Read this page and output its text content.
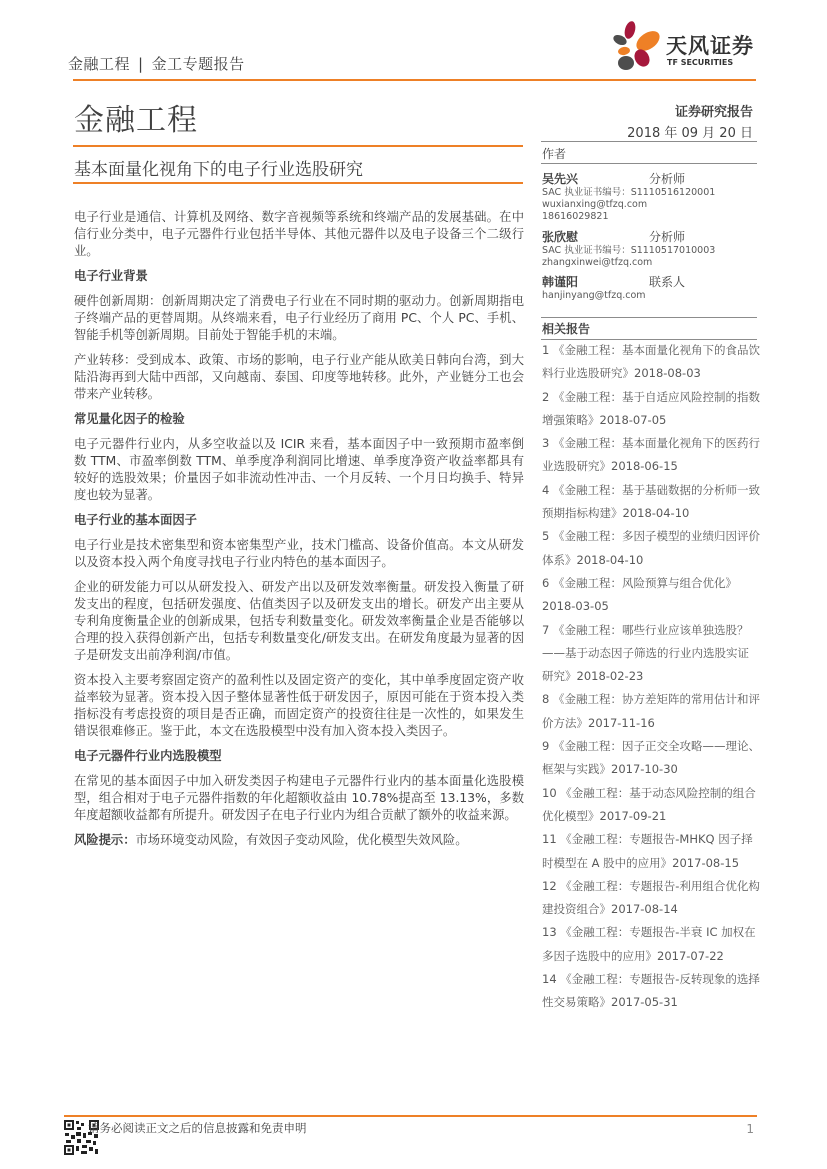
金融工程 | 金工专题报告
天风证券
TF SECURITIES
金融工程
基本面量化视角下的电子行业选股研究
证券研究报告
2018 年 09 月 20 日
作者
吴先兴	分析师
SAC 执业证书编号：S1110516120001
wuxianxing@tfzq.com
18616029821
张欣慰	分析师
SAC 执业证书编号：S1110517010003
zhangxinwei@tfzq.com
韩谨阳	联系人
hanjinyang@tfzq.com
相关报告

1 《金融工程：基本面量化视角下的食品饮料行业选股研究》2018-08-03

2 《金融工程：基于自适应风险控制的指数增强策略》2018-07-05

3 《金融工程：基本面量化视角下的医药行业选股研究》2018-06-15

4 《金融工程：基于基础数据的分析师一致预期指标构建》2018-04-10

5 《金融工程：多因子模型的业绩归因评价体系》2018-04-10

6 《金融工程：风险预算与组合优化》2018-03-05

7 《金融工程：哪些行业应该单独选股？——基于动态因子筛选的行业内选股实证研究》2018-02-23

8 《金融工程：协方差矩阵的常用估计和评价方法》2017-11-16

9 《金融工程：因子正交全攻略——理论、框架与实践》2017-10-30

10 《金融工程：基于动态风险控制的组合优化模型》2017-09-21

11 《金融工程：专题报告-MHKQ 因子择时模型在 A 股中的应用》2017-08-15

12 《金融工程：专题报告-利用组合优化构建投资组合》2017-08-14

13 《金融工程：专题报告-半衰 IC 加权在多因子选股中的应用》2017-07-22

14 《金融工程：专题报告-反转现象的选择性交易策略》2017-05-31

电子行业是通信、计算机及网络、数字音视频等系统和终端产品的发展基础。在中信行业分类中，电子元器件行业包括半导体、其他元器件以及电子设备三个二级行业。

电子行业背景

硬件创新周期：创新周期决定了消费电子行业在不同时期的驱动力。创新周期指电子终端产品的更替周期。从终端来看，电子行业经历了商用 PC、个人 PC、手机、智能手机等创新周期。目前处于智能手机的末端。

产业转移：受到成本、政策、市场的影响，电子行业产能从欧美日韩向台湾，到大陆沿海再到大陆中西部，又向越南、泰国、印度等地转移。此外，产业链分工也会带来产业转移。

常见量化因子的检验

电子元器件行业内，从多空收益以及 ICIR 来看，基本面因子中一致预期市盈率倒数 TTM、市盈率倒数 TTM、单季度净利润同比增速、单季度净资产收益率都具有较好的选股效果；价量因子如非流动性冲击、一个月反转、一个月日均换手、特异度也较为显著。

电子行业的基本面因子

电子行业是技术密集型和资本密集型产业，技术门槛高、设备价值高。本文从研发以及资本投入两个角度寻找电子行业内特色的基本面因子。

企业的研发能力可以从研发投入、研发产出以及研发效率衡量。研发投入衡量了研发支出的程度，包括研发强度、估值类因子以及研发支出的增长。研发产出主要从专利角度衡量企业的创新成果，包括专利数量变化。研发效率衡量企业是否能够以合理的投入获得创新产出，包括专利数量变化/研发支出。在研发角度最为显著的因子是研发支出前净利润/市值。

资本投入主要考察固定资产的盈利性以及固定资产的变化，其中单季度固定资产收益率较为显著。资本投入因子整体显著性低于研发因子，原因可能在于资本投入类指标没有考虑投资的项目是否正确，而固定资产的投资往往是一次性的，如果发生错误很难修正。鉴于此，本文在选股模型中没有加入资本投入类因子。

电子元器件行业内选股模型

在常见的基本面因子中加入研发类因子构建电子元器件行业内的基本面量化选股模型，组合相对于电子元器件指数的年化超额收益由 10.78%提高至 13.13%，多数年度超额收益都有所提升。研发因子在电子行业内为组合贡献了额外的收益来源。

风险提示：市场环境变动风险，有效因子变动风险，优化模型失效风险。

请务必阅读正文之后的信息披露和免责申明	1
